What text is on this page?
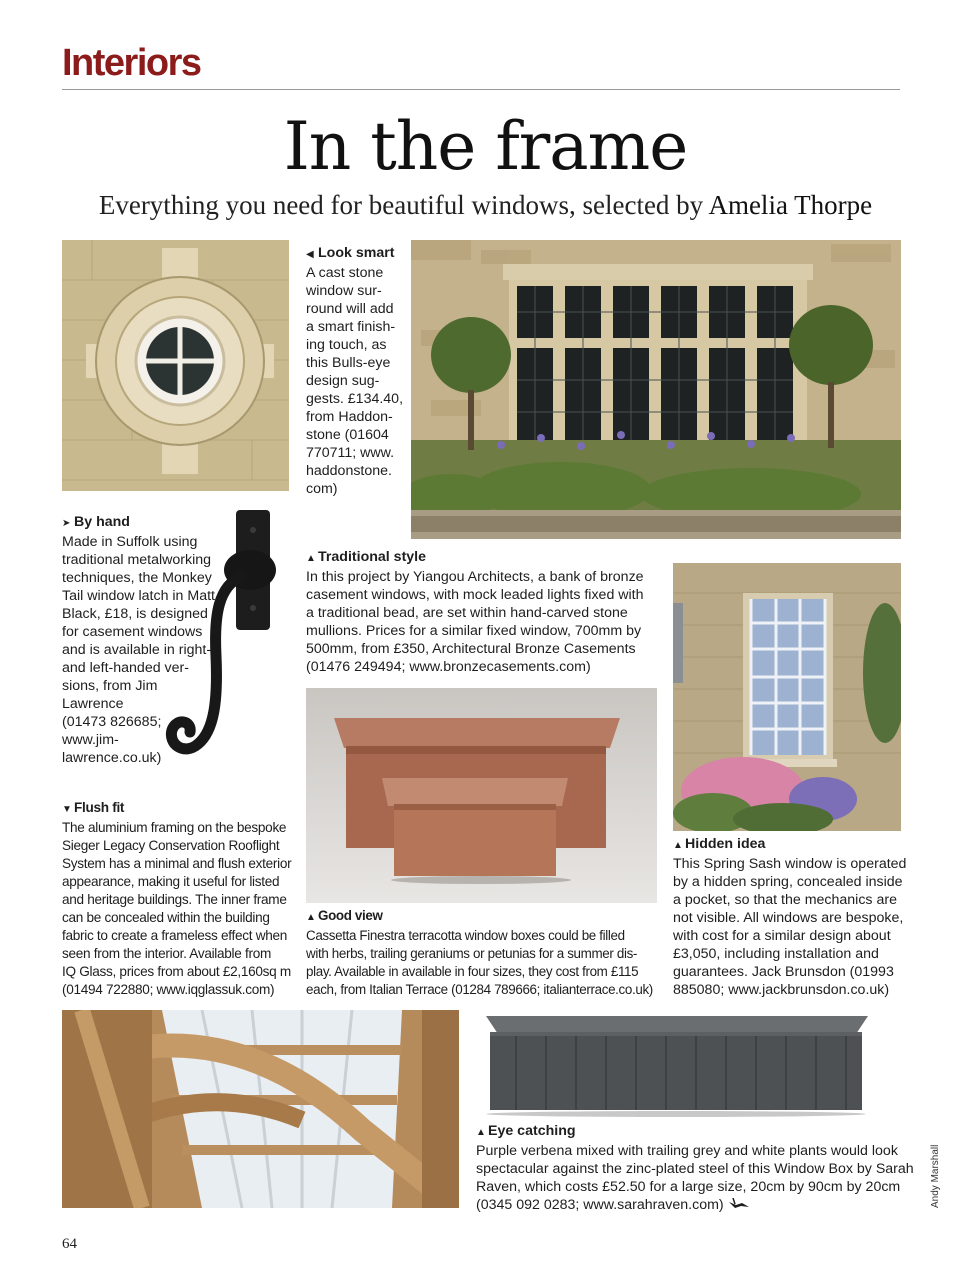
Interiors
In the frame
Everything you need for beautiful windows, selected by Amelia Thorpe
◀ Look smart
A cast stone
window sur-
round will add
a smart finish-
ing touch, as
this Bulls-eye
design sug-
gests. £134.40,
from Haddon-
stone (01604
770711; www.
haddonstone.
com)
➤ By hand
Made in Suffolk using
traditional metalworking
techniques, the Monkey
Tail window latch in Matt
Black, £18, is designed
for casement windows
and is available in right-
and left-handed ver-
sions, from Jim
Lawrence
(01473 826685;
www.jim-
lawrence.co.uk)
▲ Traditional style
In this project by Yiangou Architects, a bank of bronze
casement windows, with mock leaded lights fixed with
a traditional bead, are set within hand-carved stone
mullions. Prices for a similar fixed window, 700mm by
500mm, from £350, Architectural Bronze Casements
(01476 249494; www.bronzecasements.com)
▼ Flush fit
The aluminium framing on the bespoke
Sieger Legacy Conservation Rooflight
System has a minimal and flush exterior
appearance, making it useful for listed
and heritage buildings. The inner frame
can be concealed within the building
fabric to create a frameless effect when
seen from the interior. Available from
IQ Glass, prices from about £2,160sq m
(01494 722880; www.iqglassuk.com)
▲ Hidden idea
This Spring Sash window is operated
by a hidden spring, concealed inside
a pocket, so that the mechanics are
not visible. All windows are bespoke,
with cost for a similar design about
£3,050, including installation and
guarantees. Jack Brunsdon (01993
885080; www.jackbrunsdon.co.uk)
▲ Good view
Cassetta Finestra terracotta window boxes could be filled
with herbs, trailing geraniums or petunias for a summer dis-
play. Available in available in four sizes, they cost from £115
each, from Italian Terrace (01284 789666; italianterrace.co.uk)
▲ Eye catching
Purple verbena mixed with trailing grey and white plants would look
spectacular against the zinc-plated steel of this Window Box by Sarah
Raven, which costs £52.50 for a large size, 20cm by 90cm by 20cm
(0345 092 0283; www.sarahraven.com)	Andy Marshall
64
